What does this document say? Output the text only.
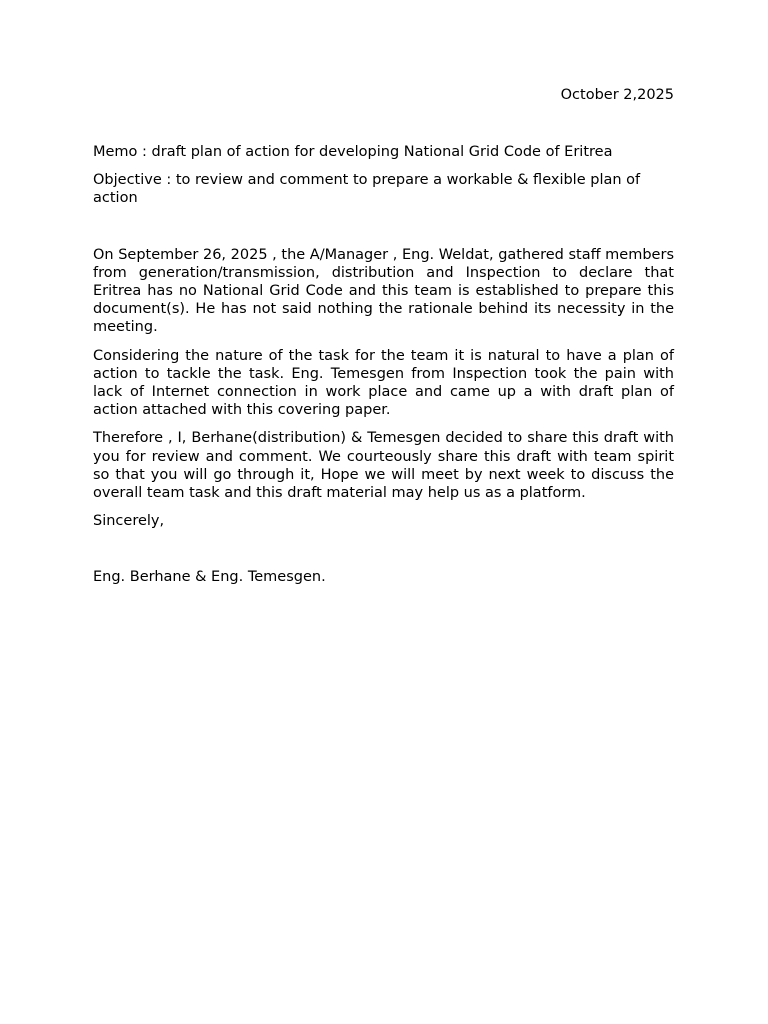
October 2,2025

Memo : draft plan of action for developing National Grid Code of Eritrea

Objective : to review and comment to prepare a workable & flexible plan of action

On September 26, 2025 , the A/Manager , Eng. Weldat, gathered staff members from generation/transmission, distribution and Inspection to declare that Eritrea has no National Grid Code and this team is established to prepare this document(s). He has not said nothing the rationale behind its necessity in the meeting.

Considering the nature of the task for the team it is natural to have a plan of action to tackle the task. Eng. Temesgen from Inspection took the pain with lack of Internet connection in work place and came up a with draft plan of action attached with this covering paper.

Therefore , I, Berhane(distribution) & Temesgen decided to share this draft with you for review and comment. We courteously share this draft with team spirit so that you will go through it, Hope we will meet by next week to discuss the overall team task and this draft material may help us as a platform.

Sincerely,

Eng. Berhane & Eng. Temesgen.
